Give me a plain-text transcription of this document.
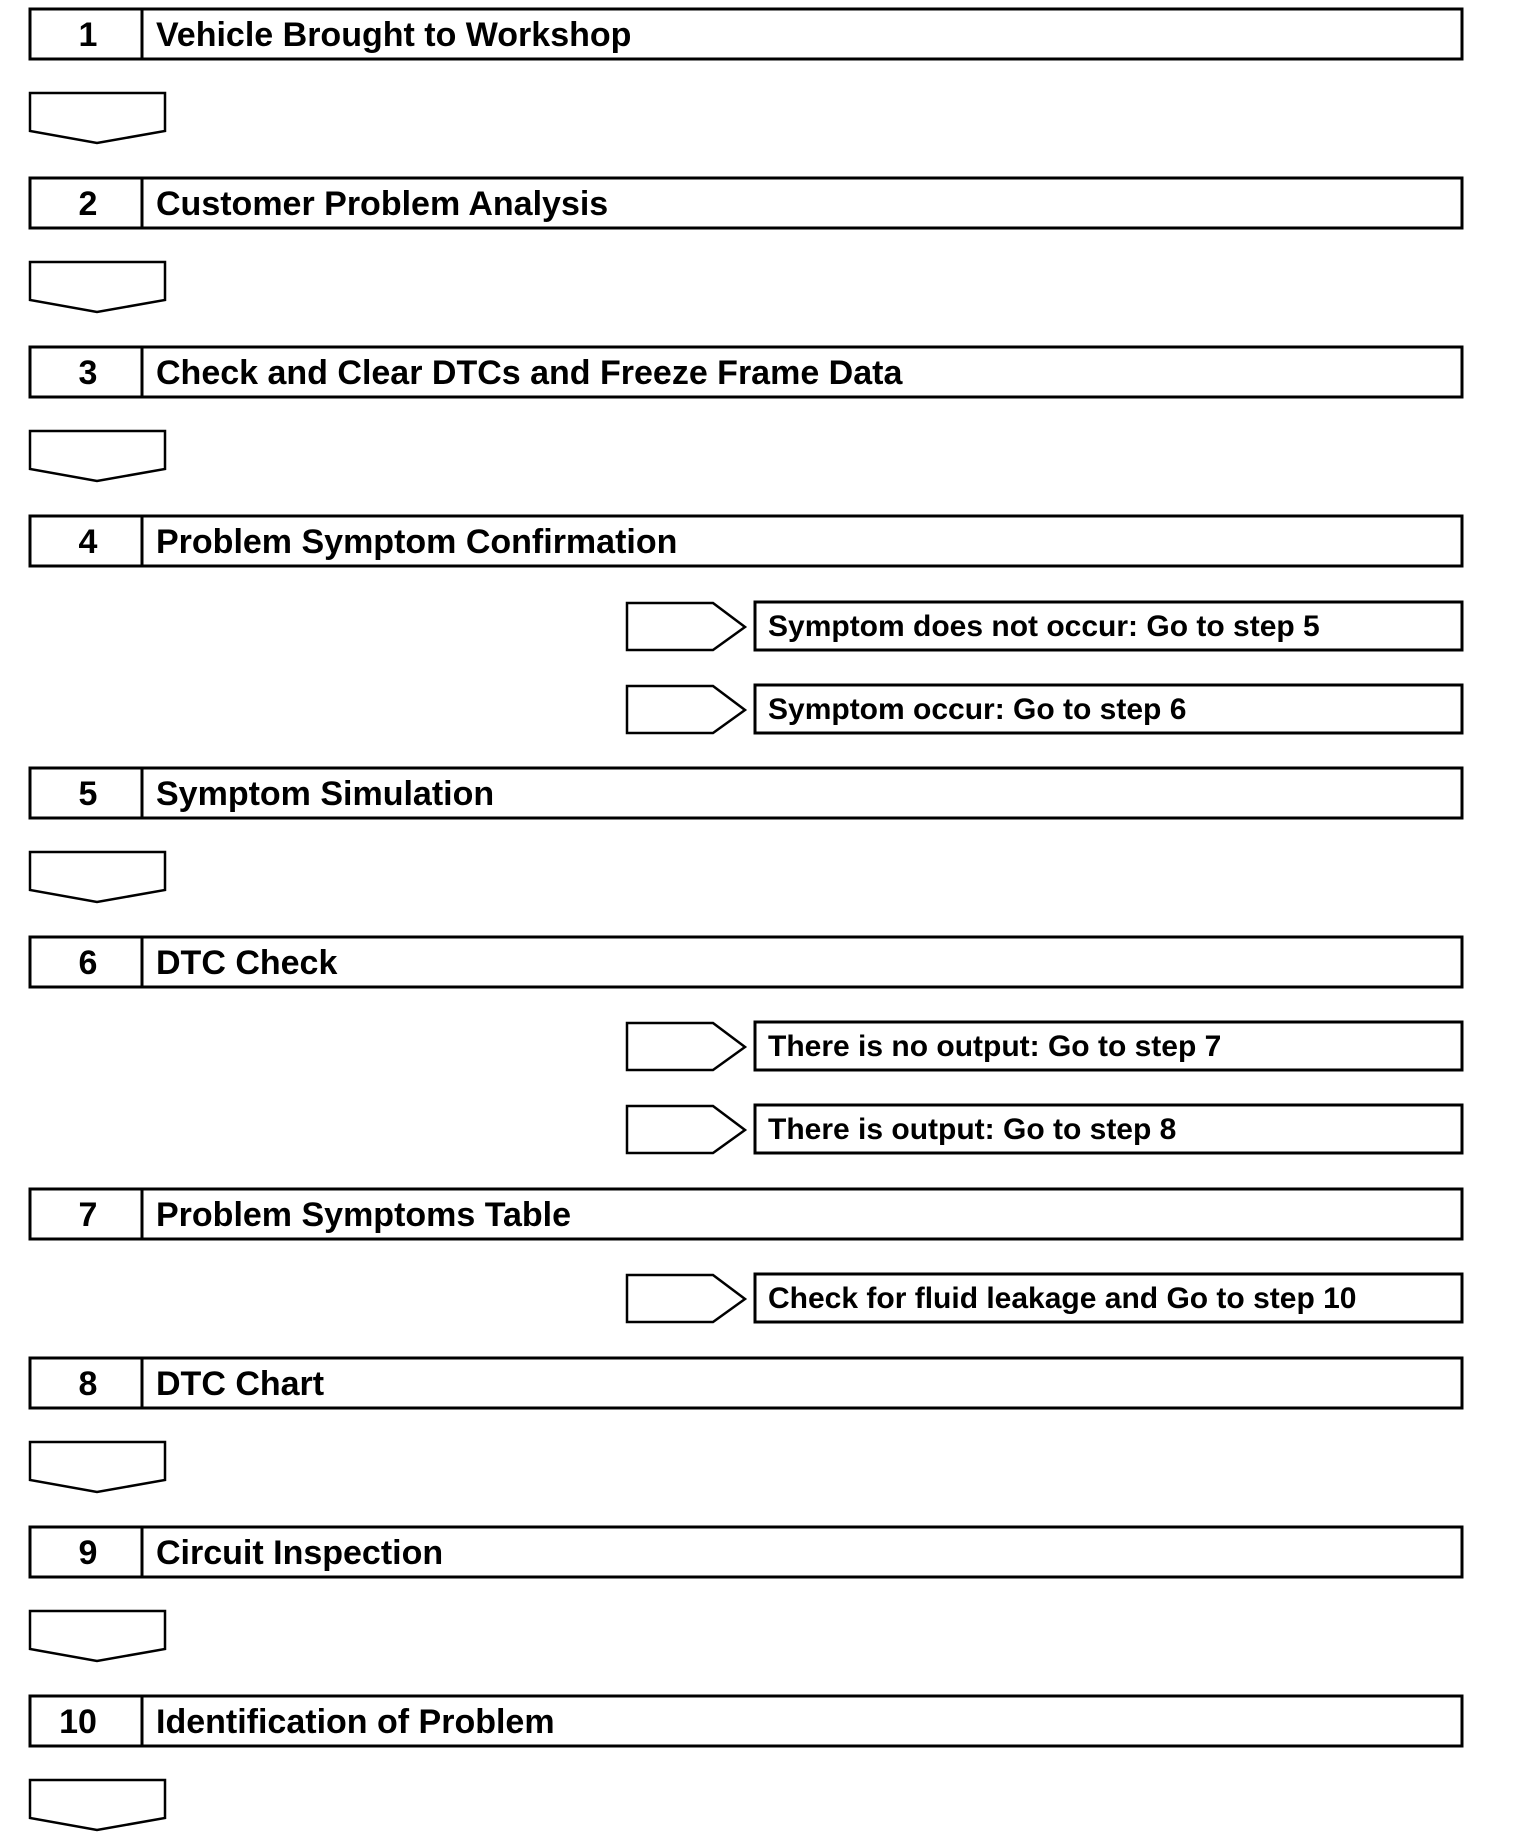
1 Vehicle Brought to Workshop
2 Customer Problem Analysis
3 Check and Clear DTCs and Freeze Frame Data
4 Problem Symptom Confirmation
Symptom does not occur: Go to step 5
Symptom occur: Go to step 6
5 Symptom Simulation
6 DTC Check
There is no output: Go to step 7
There is output: Go to step 8
7 Problem Symptoms Table
Check for fluid leakage and Go to step 10
8 DTC Chart
9 Circuit Inspection
10 Identification of Problem
